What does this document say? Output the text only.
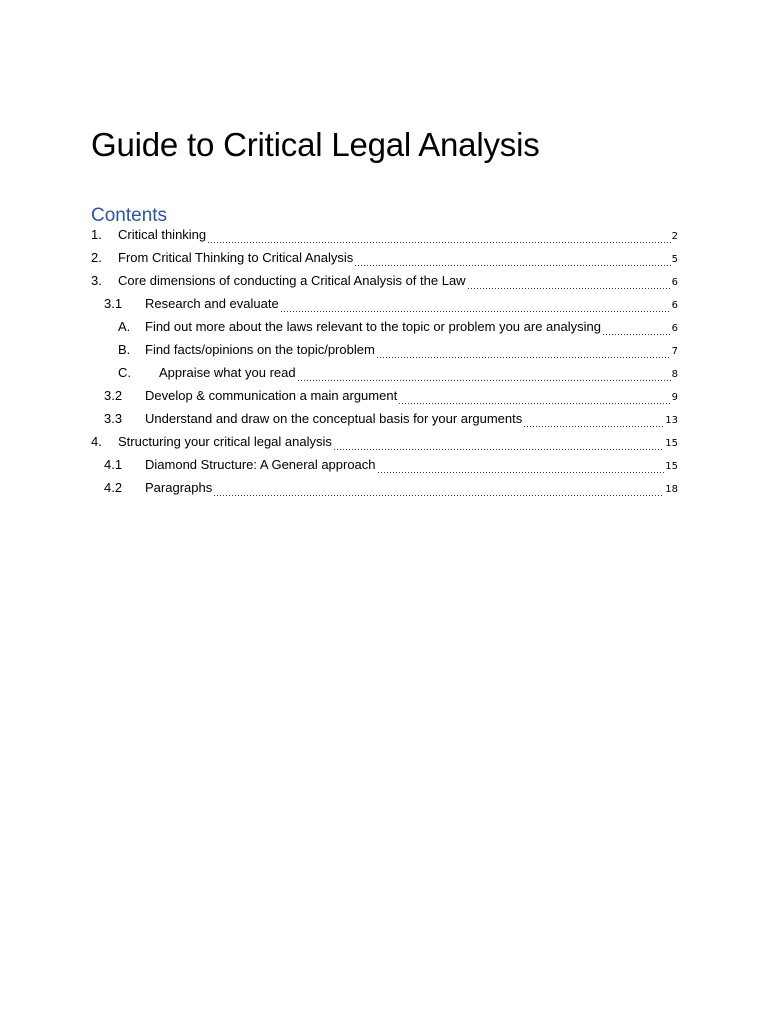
Guide to Critical Legal Analysis
Contents
1.	Critical thinking	2
2.	From Critical Thinking to Critical Analysis	5
3.	Core dimensions of conducting a Critical Analysis of the Law	6
3.1	Research and evaluate	6
A.	Find out more about the laws relevant to the topic or problem you are analysing	6
B.	Find facts/opinions on the topic/problem	7
C.	Appraise what you read	8
3.2	Develop & communication a main argument	9
3.3	Understand and draw on the conceptual basis for your arguments	13
4.	Structuring your critical legal analysis	15
4.1	Diamond Structure: A General approach	15
4.2	Paragraphs	18
